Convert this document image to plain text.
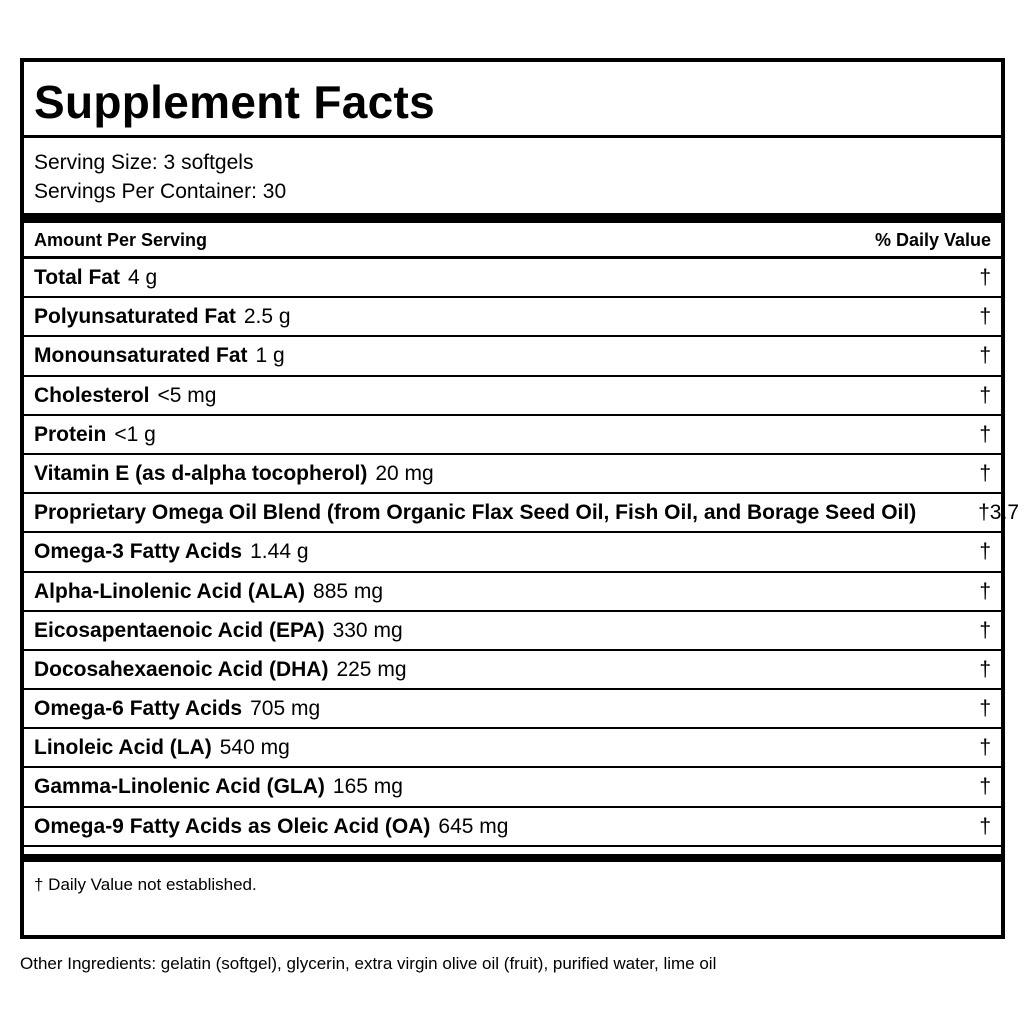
Supplement Facts
Serving Size: 3 softgels
Servings Per Container: 30
Amount Per Serving	% Daily Value
Total Fat 4 g	†
Polyunsaturated Fat 2.5 g	†
Monounsaturated Fat 1 g	†
Cholesterol <5 mg	†
Protein <1 g	†
Vitamin E (as d-alpha tocopherol) 20 mg	†
Proprietary Omega Oil Blend (from Organic Flax Seed Oil, Fish Oil, and Borage Seed Oil)	†3.7
Omega-3 Fatty Acids 1.44 g	†
Alpha-Linolenic Acid (ALA) 885 mg	†
Eicosapentaenoic Acid (EPA) 330 mg	†
Docosahexaenoic Acid (DHA) 225 mg	†
Omega-6 Fatty Acids 705 mg	†
Linoleic Acid (LA) 540 mg	†
Gamma-Linolenic Acid (GLA) 165 mg	†
Omega-9 Fatty Acids as Oleic Acid (OA) 645 mg	†
† Daily Value not established.
Other Ingredients: gelatin (softgel), glycerin, extra virgin olive oil (fruit), purified water, lime oil
